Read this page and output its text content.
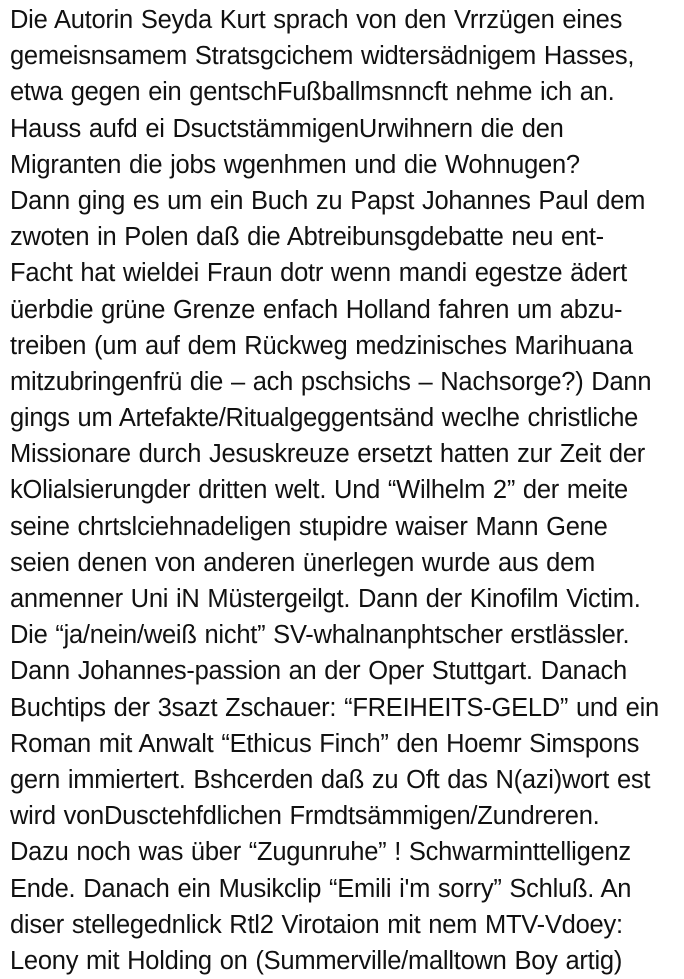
Die Autorin Seyda Kurt sprach von den Vrrzügen eines
gemeisnsamem Stratsgcichem widtersädnigem Hasses,
etwa gegen ein gentschFußballmsnncft nehme ich an.
Hauss aufd ei DsuctstämmigenUrwihnern die den
Migranten die jobs wgenhmen und die Wohnugen?
Dann ging es um ein Buch zu Papst Johannes Paul dem
zwoten in Polen daß die Abtreibunsgdebatte neu ent-
Facht hat wieldei Fraun dotr wenn mandi egestze ädert
üerbdie grüne Grenze enfach Holland fahren um abzu-
treiben (um auf dem Rückweg medzinisches Marihuana
mitzubringenfrü die – ach pschsichs – Nachsorge?) Dann
gings um Artefakte/Ritualgeggentsänd weclhe christliche
Missionare durch Jesuskreuze ersetzt hatten zur Zeit der
kOlialsierungder dritten welt. Und “Wilhelm 2” der meite
seine chrtslciehnadeligen stupidre waiser Mann Gene
seien denen von anderen ünerlegen wurde aus dem
anmenner Uni iN Müstergeilgt. Dann der Kinofilm Victim.
Die “ja/nein/weiß nicht” SV-whalnanphtscher erstlässler.
Dann Johannes-passion an der Oper Stuttgart. Danach
Buchtips der 3sazt Zschauer: “FREIHEITS-GELD” und ein
Roman mit Anwalt “Ethicus Finch” den Hoemr Simspons
gern immiertert. Bshcerden daß zu Oft das N(azi)wort est
wird vonDusctehfdlichen Frmdtsämmigen/Zundreren.
Dazu noch was über “Zugunruhe” ! Schwarminttelligenz
Ende. Danach ein Musikclip “Emili i'm sorry” Schluß. An
diser stellegednlick Rtl2 Virotaion mit nem MTV-Vdoey:
Leony mit Holding on (Summerville/malltown Boy artig)
